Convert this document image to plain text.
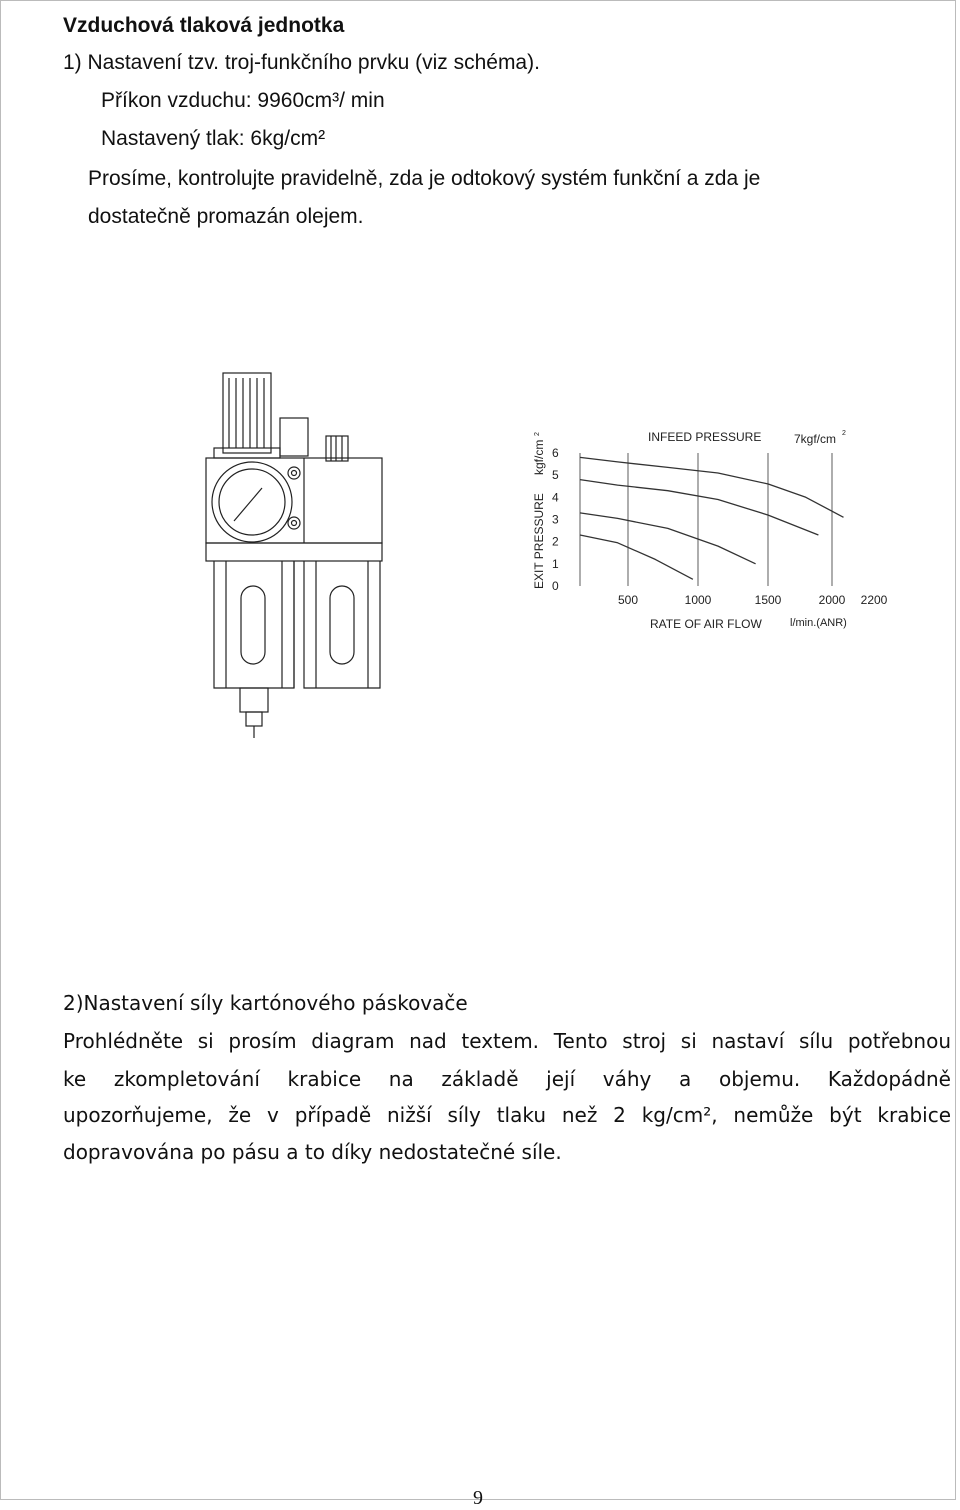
Vzduchová tlaková jednotka
1) Nastavení tzv. troj-funkčního prvku (viz schéma).
Příkon vzduchu: 9960cm³/ min
Nastavený tlak: 6kg/cm²
Prosíme, kontrolujte pravidelně, zda je odtokový systém funkční a zda je
dostatečně promazán olejem.
EXIT PRESSURE
kgf/cm
2	INFEED PRESSURE	7kgf/cm 2
6
5
4
3
2
1
0
500	1000	1500	2000 2200
RATE OF AIR FLOW	l/min.(ANR)
2)Nastavení síly kartónového páskovače
Prohlédněte si prosím diagram nad textem. Tento stroj si nastaví sílu potřebnou
ke zkompletování krabice na základě její váhy a objemu. Každopádně
upozorňujeme, že v případě nižší síly tlaku než 2 kg/cm², nemůže být krabice
dopravována po pásu a to díky nedostatečné síle.
9
